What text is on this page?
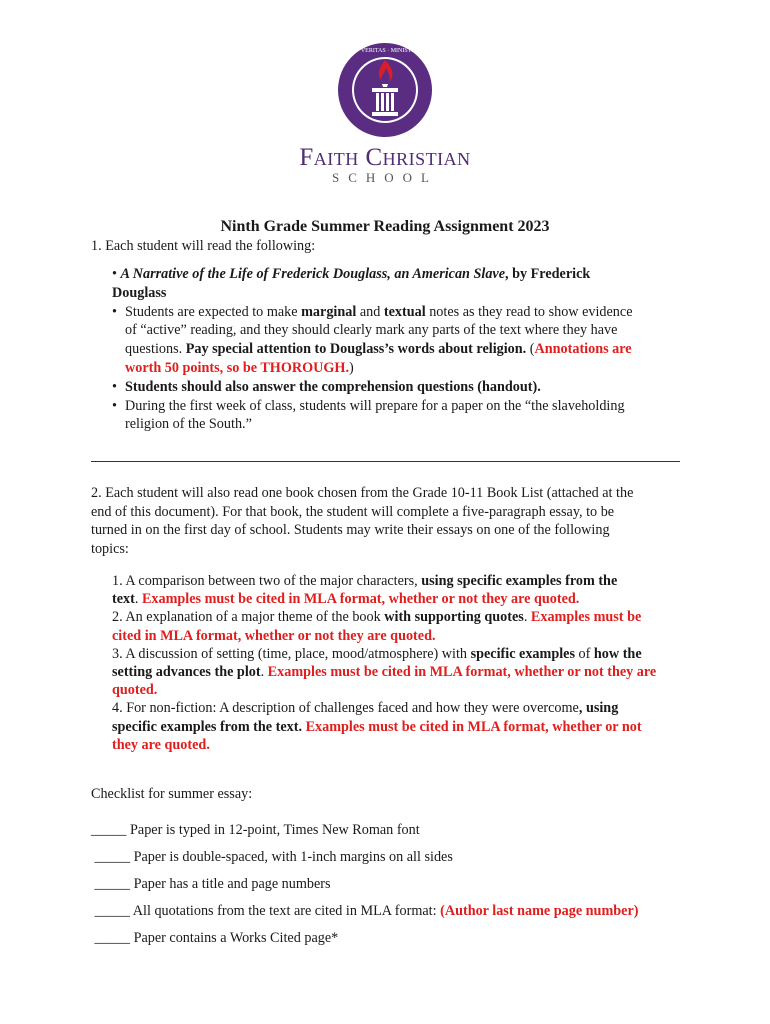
FIDES · VERITAS · MINISTERIUM
Faith Christian
SCHOOL
Ninth Grade Summer Reading Assignment 2023
1. Each student will read the following:
• A Narrative of the Life of Frederick Douglass, an American Slave, by Frederick
Douglass
• Students are expected to make marginal and textual notes as they read to show evidence
of “active” reading, and they should clearly mark any parts of the text where they have
questions. Pay special attention to Douglass’s words about religion. (Annotations are
worth 50 points, so be THOROUGH.)
• Students should also answer the comprehension questions (handout).
• During the first week of class, students will prepare for a paper on the “the slaveholding
religion of the South.”
2. Each student will also read one book chosen from the Grade 10-11 Book List (attached at the
end of this document). For that book, the student will complete a five-paragraph essay, to be
turned in on the first day of school. Students may write their essays on one of the following
topics:
1. A comparison between two of the major characters, using specific examples from the
text. Examples must be cited in MLA format, whether or not they are quoted.
2. An explanation of a major theme of the book with supporting quotes. Examples must be
cited in MLA format, whether or not they are quoted.
3. A discussion of setting (time, place, mood/atmosphere) with specific examples of how the
setting advances the plot. Examples must be cited in MLA format, whether or not they are
quoted.
4. For non-fiction: A description of challenges faced and how they were overcome, using
specific examples from the text. Examples must be cited in MLA format, whether or not
they are quoted.
Checklist for summer essay:
_____ Paper is typed in 12-point, Times New Roman font
_____ Paper is double-spaced, with 1-inch margins on all sides
_____ Paper has a title and page numbers
_____ All quotations from the text are cited in MLA format: (Author last name page number)
_____ Paper contains a Works Cited page*
